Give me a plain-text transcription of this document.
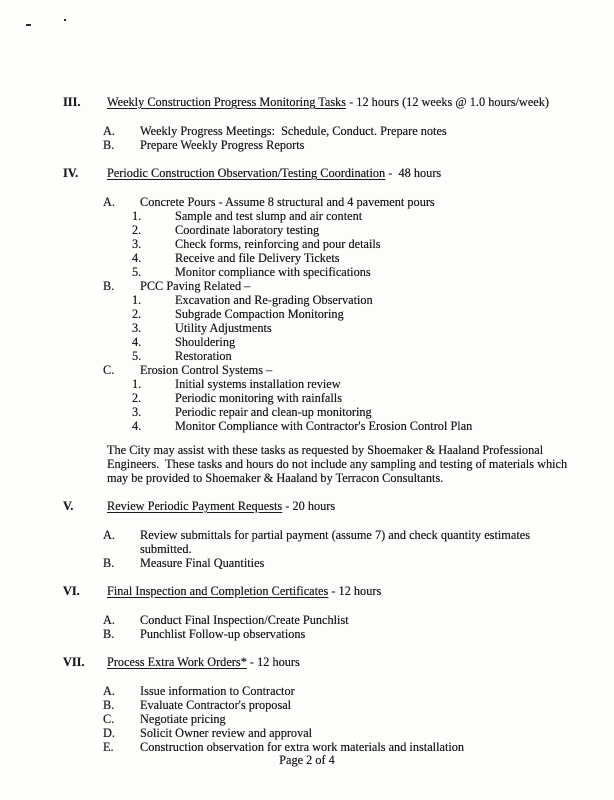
III.	Weekly Construction Progress Monitoring Tasks - 12 hours (12 weeks @ 1.0 hours/week)
A.	Weekly Progress Meetings:  Schedule, Conduct. Prepare notes
B.	Prepare Weekly Progress Reports
IV.	Periodic Construction Observation/Testing Coordination -  48 hours
A.	Concrete Pours - Assume 8 structural and 4 pavement pours
1.	Sample and test slump and air content
2.	Coordinate laboratory testing
3.	Check forms, reinforcing and pour details
4.	Receive and file Delivery Tickets
5.	Monitor compliance with specifications
B.	PCC Paving Related –
1.	Excavation and Re-grading Observation
2.	Subgrade Compaction Monitoring
3.	Utility Adjustments
4.	Shouldering
5.	Restoration
C.	Erosion Control Systems –
1.	Initial systems installation review
2.	Periodic monitoring with rainfalls
3.	Periodic repair and clean-up monitoring
4.	Monitor Compliance with Contractor's Erosion Control Plan
The City may assist with these tasks as requested by Shoemaker & Haaland Professional Engineers.  These tasks and hours do not include any sampling and testing of materials which may be provided to Shoemaker & Haaland by Terracon Consultants.
V.	Review Periodic Payment Requests - 20 hours
A.	Review submittals for partial payment (assume 7) and check quantity estimates submitted.
B.	Measure Final Quantities
VI.	Final Inspection and Completion Certificates - 12 hours
A.	Conduct Final Inspection/Create Punchlist
B.	Punchlist Follow-up observations
VII.	Process Extra Work Orders* - 12 hours
A.	Issue information to Contractor
B.	Evaluate Contractor's proposal
C.	Negotiate pricing
D.	Solicit Owner review and approval
E.	Construction observation for extra work materials and installation
Page 2 of 4
